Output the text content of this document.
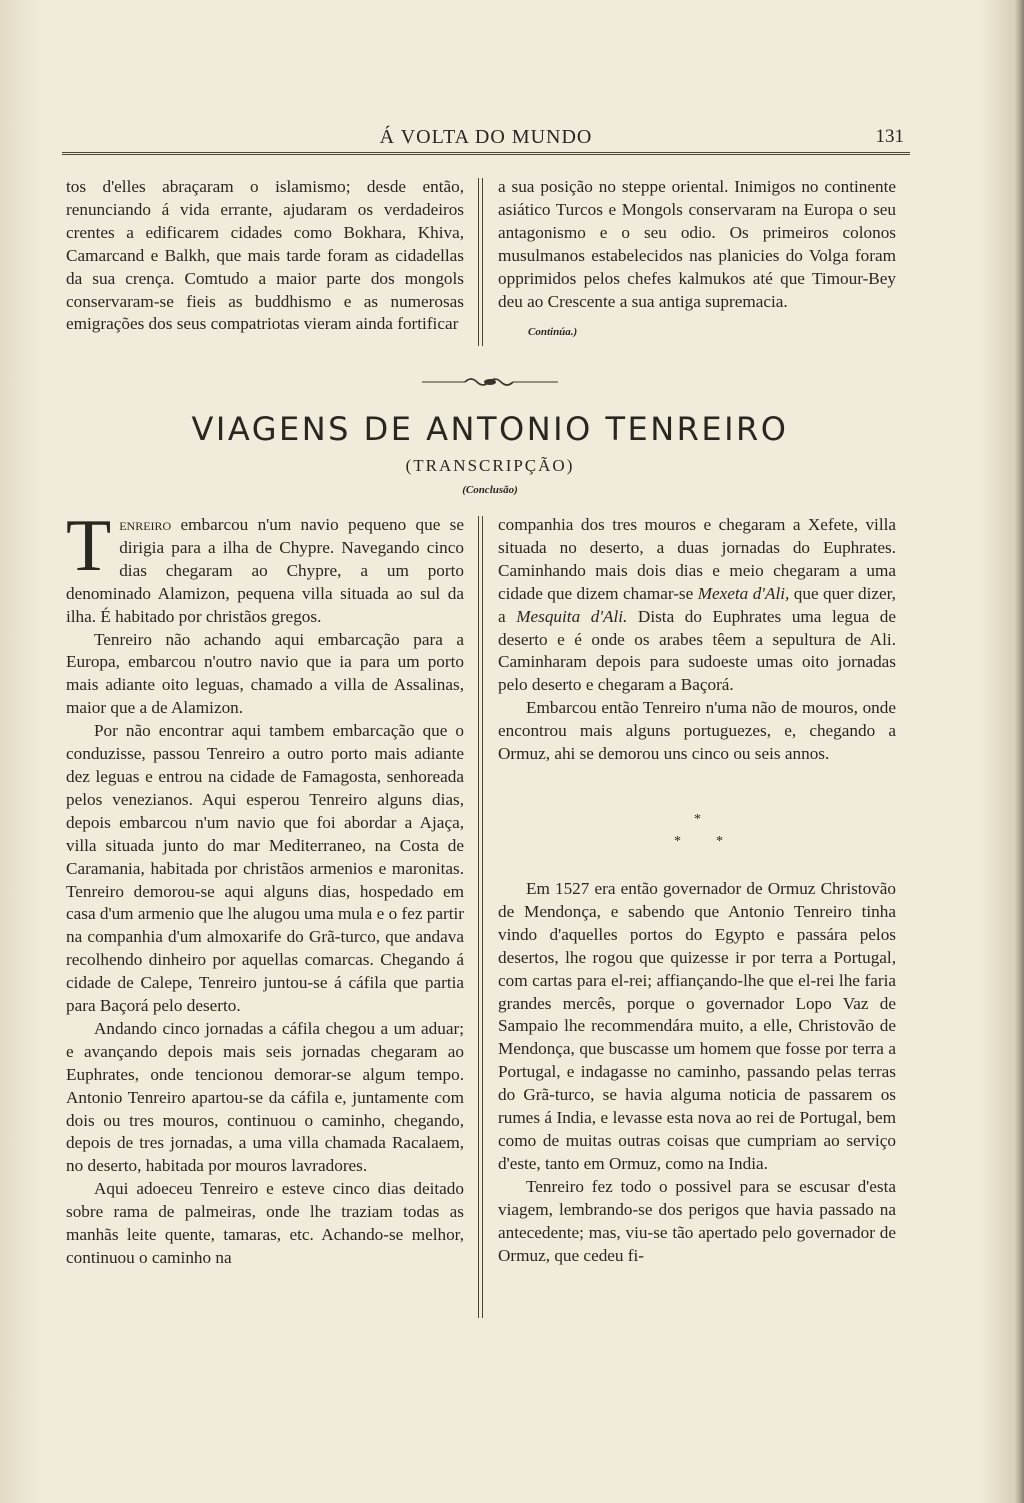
Á VOLTA DO MUNDO	131

tos d'elles abraçaram o islamismo; desde então, renunciando á vida errante, ajudaram os verdadeiros crentes a edificarem cidades como Bokhara, Khiva, Camarcand e Balkh, que mais tarde foram as cidadellas da sua crença. Comtudo a maior parte dos mongols conservaram-se fieis as buddhismo e as numerosas emigrações dos seus compatriotas vieram ainda fortificar

a sua posição no steppe oriental. Inimigos no continente asiático Turcos e Mongols conservaram na Europa o seu antagonismo e o seu odio. Os primeiros colonos musulmanos estabelecidos nas planicies do Volga foram opprimidos pelos chefes kalmukos até que Timour-Bey deu ao Crescente a sua antiga supremacia.

Continúa.)
VIAGENS DE ANTONIO TENREIRO
(TRANSCRIPÇÃO)
(Conclusão)

Tenreiro embarcou n'um navio pequeno que se dirigia para a ilha de Chypre. Navegando cinco dias chegaram ao Chypre, a um porto denominado Alamizon, pequena villa situada ao sul da ilha. É habitado por christãos gregos.

Tenreiro não achando aqui embarcação para a Europa, embarcou n'outro navio que ia para um porto mais adiante oito leguas, chamado a villa de Assalinas, maior que a de Alamizon.

Por não encontrar aqui tambem embarcação que o conduzisse, passou Tenreiro a outro porto mais adiante dez leguas e entrou na cidade de Famagosta, senhoreada pelos venezianos. Aqui esperou Tenreiro alguns dias, depois embarcou n'um navio que foi abordar a Ajaça, villa situada junto do mar Mediterraneo, na Costa de Caramania, habitada por christãos armenios e maronitas. Tenreiro demorou-se aqui alguns dias, hospedado em casa d'um armenio que lhe alugou uma mula e o fez partir na companhia d'um almoxarife do Grã-turco, que andava recolhendo dinheiro por aquellas comarcas. Chegando á cidade de Calepe, Tenreiro juntou-se á cáfila que partia para Baçorá pelo deserto.

Andando cinco jornadas a cáfila chegou a um aduar; e avançando depois mais seis jornadas chegaram ao Euphrates, onde tencionou demorar-se algum tempo. Antonio Tenreiro apartou-se da cáfila e, juntamente com dois ou tres mouros, continuou o caminho, chegando, depois de tres jornadas, a uma villa chamada Racalaem, no deserto, habitada por mouros lavradores.

Aqui adoeceu Tenreiro e esteve cinco dias deitado sobre rama de palmeiras, onde lhe traziam todas as manhãs leite quente, tamaras, etc. Achando-se melhor, continuou o caminho na

companhia dos tres mouros e chegaram a Xefete, villa situada no deserto, a duas jornadas do Euphrates. Caminhando mais dois dias e meio chegaram a uma cidade que dizem chamar-se Mexeta d'Ali, que quer dizer, a Mesquita d'Ali. Dista do Euphrates uma legua de deserto e é onde os arabes têem a sepultura de Ali. Caminharam depois para sudoeste umas oito jornadas pelo deserto e chegaram a Baçorá.

Embarcou então Tenreiro n'uma não de mouros, onde encontrou mais alguns portuguezes, e, chegando a Ormuz, ahi se demorou uns cinco ou seis annos.

*
*	*

Em 1527 era então governador de Ormuz Christovão de Mendonça, e sabendo que Antonio Tenreiro tinha vindo d'aquelles portos do Egypto e passára pelos desertos, lhe rogou que quizesse ir por terra a Portugal, com cartas para el-rei; affiançando-lhe que el-rei lhe faria grandes mercês, porque o governador Lopo Vaz de Sampaio lhe recommendára muito, a elle, Christovão de Mendonça, que buscasse um homem que fosse por terra a Portugal, e indagasse no caminho, passando pelas terras do Grã-turco, se havia alguma noticia de passarem os rumes á India, e levasse esta nova ao rei de Portugal, bem como de muitas outras coisas que cumpriam ao serviço d'este, tanto em Ormuz, como na India.

Tenreiro fez todo o possivel para se escusar d'esta viagem, lembrando-se dos perigos que havia passado na antecedente; mas, viu-se tão apertado pelo governador de Ormuz, que cedeu fi-
